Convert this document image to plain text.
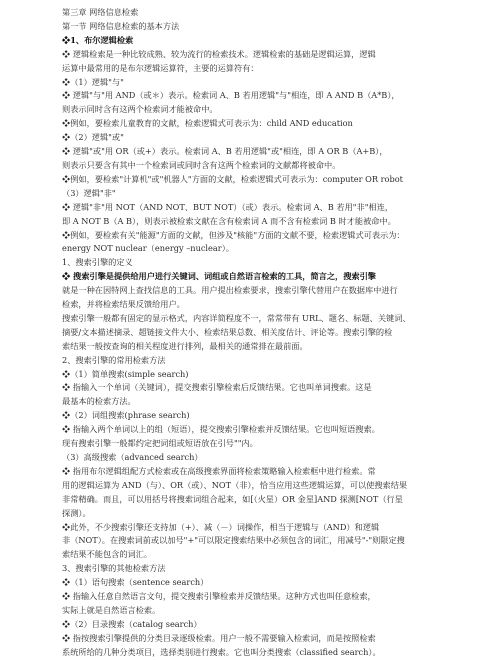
第三章 网络信息检索
第一节 网络信息检索的基本方法
❖1、布尔逻辑检索
❖ 逻辑检索是一种比较成熟、较为流行的检索技术。逻辑检索的基础是逻辑运算，逻辑
运算中最常用的是布尔逻辑运算符，主要的运算符有：
❖（1）逻辑"与"
❖ 逻辑"与"用 AND（或＊）表示。检索词 A、B 若用逻辑"与"相连，即 A AND B（A*B），
则表示同时含有这两个检索词才能被命中。
❖例如，要检索儿童教育的文献，检索逻辑式可表示为：child AND education
❖（2）逻辑"或"
❖ 逻辑"或"用 OR（或+）表示。检索词 A、B 若用逻辑"或"相连，即 A OR B（A+B），
则表示只要含有其中一个检索词或同时含有这两个检索词的文献都将被命中。
❖例如，要检索"计算机"或"机器人"方面的文献，检索逻辑式可表示为：computer OR robot
（3）逻辑"非"
❖ 逻辑"非"用 NOT（AND NOT、BUT NOT）（或）表示。检索词 A、B 若用"非"相连，
即 A NOT B（A B），则表示被检索文献在含有检索词 A 而不含有检索词 B 时才能被命中。
❖例如，要检索有关"能源"方面的文献，但涉及"核能"方面的文献不要，检索逻辑式可表示为：
energy NOT nuclear（energy –nuclear）。
1、搜索引擎的定义
❖ 搜索引擎是提供给用户进行关键词、词组或自然语言检索的工具，简言之，搜索引擎
就是一种在因特网上查找信息的工具。用户提出检索要求，搜索引擎代替用户在数据库中进行
检索，并将检索结果反馈给用户。
搜索引擎一般都有固定的显示格式，内容详简程度不一，常常带有 URL、题名、标题、关键词、
摘要/文本描述摘录、超链接文件大小、检索结果总数、相关度估计、评论等。搜索引擎的检
索结果一般按查询的相关程度进行排列，最相关的通常排在最前面。
2、搜索引擎的常用检索方法
❖（1）简单搜索(simple search)
❖ 指输入一个单词（关键词），提交搜索引擎检索后反馈结果。它也叫单词搜索。这是
最基本的检索方法。
❖（2）词组搜索(phrase search)
❖ 指输入两个单词以上的组（短语），提交搜索引擎检索并反馈结果。它也叫短语搜索。
现有搜索引擎一般都约定把词组或短语放在引号""内。
（3）高级搜索（advanced search）
❖ 指用布尔逻辑组配方式检索或在高级搜索界面将检索策略输入检索框中进行检索。常
用的逻辑运算为 AND（与）、OR（或）、NOT（非），恰当应用这些逻辑运算，可以使搜索结果
非常精确。而且，可以用括号将搜索词组合起来，如[（火星）OR 金星]AND 探测[NOT（行星
探测）。
❖此外，不少搜索引擎还支持加（+）、减（－）词操作，相当于逻辑与（AND）和逻辑
非（NOT）。在搜索词前或以加号"+"可以限定搜索结果中必须包含的词汇，用减号"-"则限定搜
索结果不能包含的词汇。
3、搜索引擎的其他检索方法
❖（1）语句搜索（sentence search）
❖ 指输入任意自然语言文句，提交搜索引擎检索并反馈结果。这种方式也叫任意检索，
实际上就是自然语言检索。
❖（2）目录搜索（catalog search）
❖ 指按搜索引擎提供的分类目录逐级检索。用户一般不需要输入检索词，而是按照检索
系统所给的几种分类项目，选择类别进行搜索。它也叫分类搜索（classified search）。
